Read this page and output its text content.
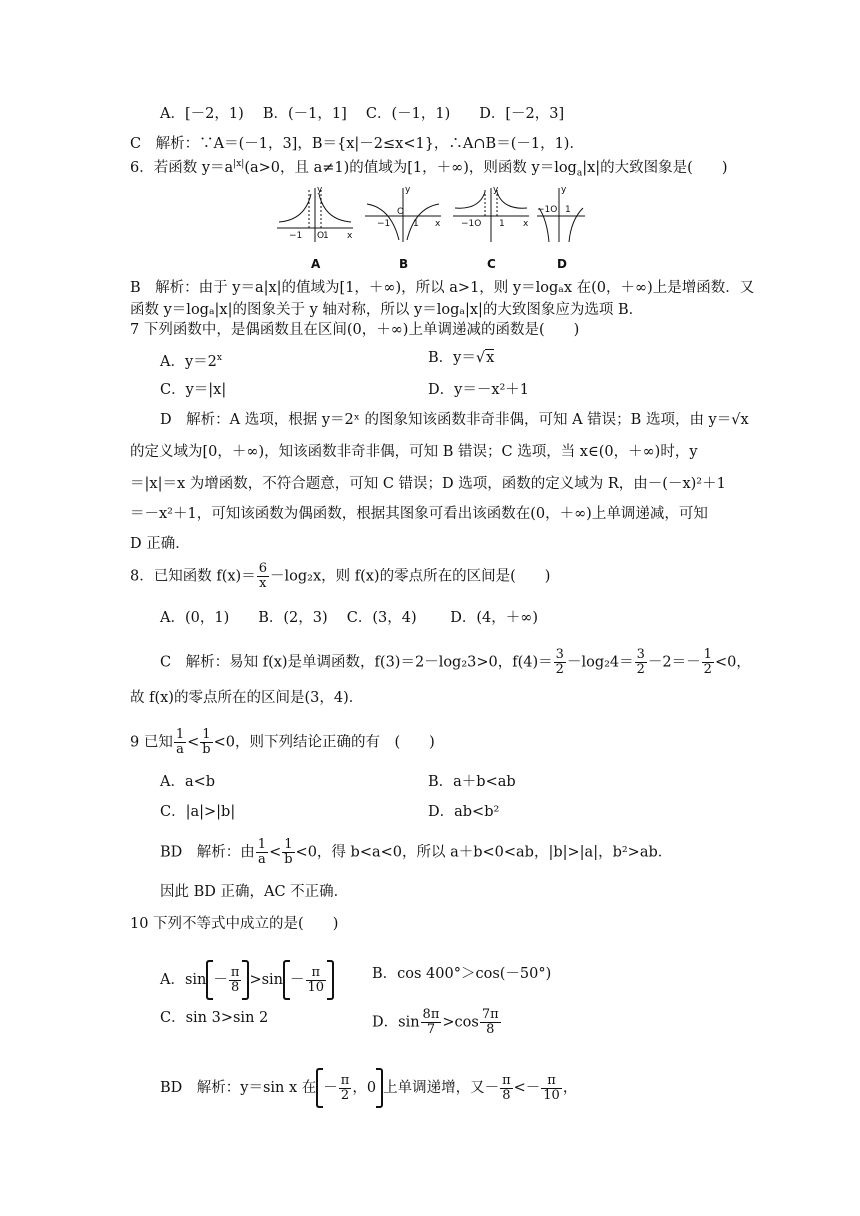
A．[－2，1)　 B．(－1，1]　 C．(－1，1)　　D．[－2，3]
C　解析：∵A＝(－1，3]，B＝{x|－2≤x<1}，∴A∩B＝(－1，1)．
6．若函数 $y=a^{|x|}(a>0$，且 a≠1)的值域为[1，＋∞)，则函数 $y=\log_a|x|$的大致图象是(　　)
y
x
−1 O
1
y
x
−1
O
1
y
x
−1O 1
y
−1O 1
A	B	C	D
B　解析：由于 y＝a|x|的值域为[1，＋∞)，所以 a>1，则 y＝logₐx 在(0，＋∞)上是增函数．又
函数 y＝logₐ|x|的图象关于 y 轴对称，所以 y＝logₐ|x|的大致图象应为选项 B．
7 下列函数中，是偶函数且在区间(0，＋∞)上单调递减的函数是(　　)
A．$y=2^x$	B．y＝√x
C．y＝|x|	D．y＝－x²＋1
D　解析：A 选项，根据 y＝2ˣ 的图象知该函数非奇非偶，可知 A 错误；B 选项，由 y＝√x
的定义域为[0，＋∞)，知该函数非奇非偶，可知 B 错误；C 选项，当 x∈(0，＋∞)时，y
＝|x|＝x 为增函数，不符合题意，可知 C 错误；D 选项，函数的定义域为 R，由－(－x)²＋1
＝－x²＋1，可知该函数为偶函数，根据其图象可看出该函数在(0，＋∞)上单调递减，可知
D 正确．
8．已知函数 $f(x)= \frac{6}{x} -\log_2x$，则 f(x)的零点所在的区间是(　　)
A．(0，1)　　B．(2，3)　 C．(3，4)　　 D．(4，＋∞)
C　解析：易知 f(x)是单调函数，f(3)＝2－log₂3>0，$f(4)= \frac{3}{2} -\log_24= \frac{3}{2} -2=- \frac{1}{2} <0$，
故 f(x)的零点所在的区间是(3，4)．
9 已知 $\frac{1}{a} < \frac{1}{b} <0$，则下列结论正确的有　(　　)
A．a<b	B．a＋b<ab
C．|a|>|b|	D．ab<b²
BD　解析：由 $\frac{1}{a} < \frac{1}{b} <0$，得 b<a<0，所以 a＋b<0<ab，|b|>|a|，b²>ab．
因此 BD 正确，AC 不正确．
10 下列不等式中成立的是(　　)
A．$\sin - \frac{\pi}{8} >\sin - \frac{\pi}{10}$	B．cos 400°＞cos(－50°)
C．sin 3>sin 2	D．$\sin \frac{8\pi}{7} >\cos \frac{7\pi}{8}$
BD　解析：y＝sin x 在 － $\frac{\pi}{2}$ ，0 上单调递增，又－ $\frac{\pi}{8} <- \frac{\pi}{10}$ ，
